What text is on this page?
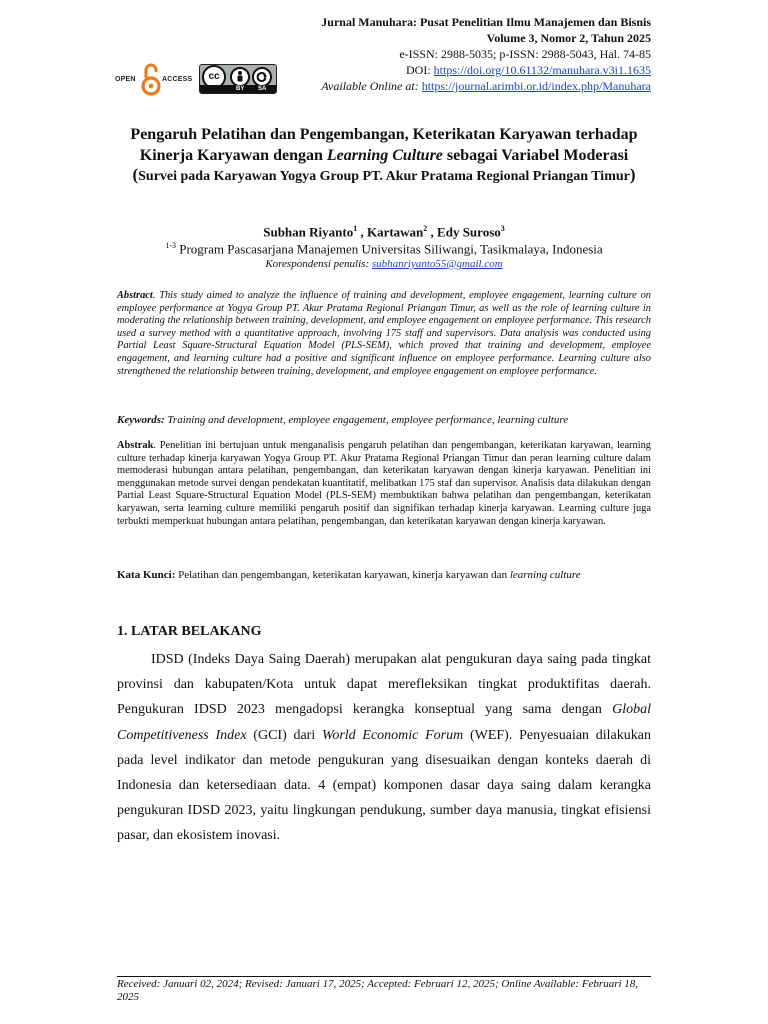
OPEN	ACCESS	cc
BY SA
Jurnal Manuhara: Pusat Penelitian Ilmu Manajemen dan Bisnis
Volume 3, Nomor 2, Tahun 2025
e-ISSN: 2988-5035; p-ISSN: 2988-5043, Hal. 74-85
DOI: https://doi.org/10.61132/manuhara.v3i1.1635
Available Online at: https://journal.arimbi.or.id/index.php/Manuhara
Pengaruh Pelatihan dan Pengembangan, Keterikatan Karyawan terhadap
Kinerja Karyawan dengan Learning Culture sebagai Variabel Moderasi
(Survei pada Karyawan Yogya Group PT. Akur Pratama Regional Priangan Timur)
Subhan Riyanto$^1$ , Kartawan$^2$ , Edy Suroso$^3$
$^{1-3}$ Program Pascasarjana Manajemen Universitas Siliwangi, Tasikmalaya, Indonesia
Korespondensi penulis: subhanriyanto55@gmail.com
Abstract. This study aimed to analyze the influence of training and development, employee engagement, learning culture on employee performance at Yogya Group PT. Akur Pratama Regional Priangan Timur, as well as the role of learning culture in moderating the relationship between training, development, and employee engagement on employee performance. This research used a survey method with a quantitative approach, involving 175 staff and supervisors. Data analysis was conducted using Partial Least Square-Structural Equation Model (PLS-SEM), which proved that training and development, employee engagement, and learning culture had a positive and significant influence on employee performance. Learning culture also strengthened the relationship between training, development, and employee engagement on employee performance.
Keywords: Training and development, employee engagement, employee performance, learning culture
Abstrak. Penelitian ini bertujuan untuk menganalisis pengaruh pelatihan dan pengembangan, keterikatan karyawan, learning culture terhadap kinerja karyawan Yogya Group PT. Akur Pratama Regional Priangan Timur dan peran learning culture dalam memoderasi hubungan antara pelatihan, pengembangan, dan keterikatan karyawan dengan kinerja karyawan. Penelitian ini menggunakan metode survei dengan pendekatan kuantitatif, melibatkan 175 staf dan supervisor. Analisis data dilakukan dengan Partial Least Square-Structural Equation Model (PLS-SEM) membuktikan bahwa pelatihan dan pengembangan, keterikatan karyawan, serta learning culture memiliki pengaruh positif dan signifikan terhadap kinerja karyawan. Learning culture juga terbukti memperkuat hubungan antara pelatihan, pengembangan, dan keterikatan karyawan dengan kinerja karyawan.
Kata Kunci: Pelatihan dan pengembangan, keterikatan karyawan, kinerja karyawan dan learning culture
1. LATAR BELAKANG
IDSD (Indeks Daya Saing Daerah) merupakan alat pengukuran daya saing pada tingkat provinsi dan kabupaten/Kota untuk dapat merefleksikan tingkat produktifitas daerah. Pengukuran IDSD 2023 mengadopsi kerangka konseptual yang sama dengan Global Competitiveness Index (GCI) dari World Economic Forum (WEF). Penyesuaian dilakukan pada level indikator dan metode pengukuran yang disesuaikan dengan konteks daerah di Indonesia dan ketersediaan data. 4 (empat) komponen dasar daya saing dalam kerangka pengukuran IDSD 2023, yaitu lingkungan pendukung, sumber daya manusia, tingkat efisiensi pasar, dan ekosistem inovasi.
Received: Januari 02, 2024; Revised: Januari 17, 2025; Accepted: Februari 12, 2025; Online Available: Februari 18, 2025
